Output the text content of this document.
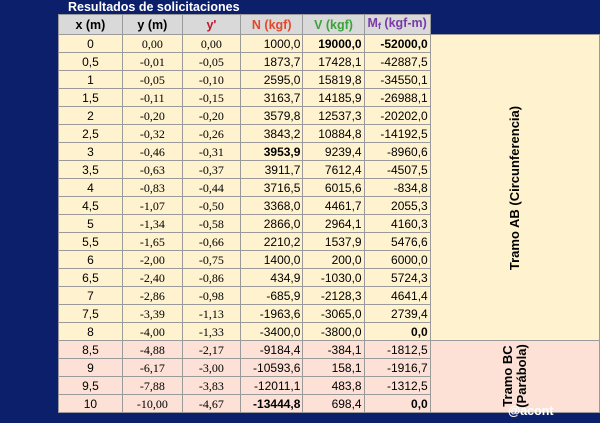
Resultados de solicitaciones
x (m)	y (m)	y'	N (kgf)	V (kgf)	$M_f$ (kgf-m)	
0	0,00	0,00	1000,0	19000,0	-52000,0	Tramo AB (Circunferencia)
0,5	-0,01	-0,05	1873,7	17428,1	-42887,5	
1	-0,05	-0,10	2595,0	15819,8	-34550,1	
1,5	-0,11	-0,15	3163,7	14185,9	-26988,1	
2	-0,20	-0,20	3579,8	12537,3	-20202,0	
2,5	-0,32	-0,26	3843,2	10884,8	-14192,5	
3	-0,46	-0,31	3953,9	9239,4	-8960,6	
3,5	-0,63	-0,37	3911,7	7612,4	-4507,5	
4	-0,83	-0,44	3716,5	6015,6	-834,8	
4,5	-1,07	-0,50	3368,0	4461,7	2055,3	
5	-1,34	-0,58	2866,0	2964,1	4160,3	
5,5	-1,65	-0,66	2210,2	1537,9	5476,6	
6	-2,00	-0,75	1400,0	200,0	6000,0	
6,5	-2,40	-0,86	434,9	-1030,0	5724,3	
7	-2,86	-0,98	-685,9	-2128,3	4641,4	
7,5	-3,39	-1,13	-1963,6	-3065,0	2739,4	
8	-4,00	-1,33	-3400,0	-3800,0	0,0	
8,5	-4,88	-2,17	-9184,4	-384,1	-1812,5	Tramo BC (Parábola)

9	-6,17	-3,00	-10593,6	158,1	-1916,7	
9,5	-7,88	-3,83	-12011,1	483,8	-1312,5	
10	-10,00	-4,67	-13444,8	698,4	0,0	
@acont
